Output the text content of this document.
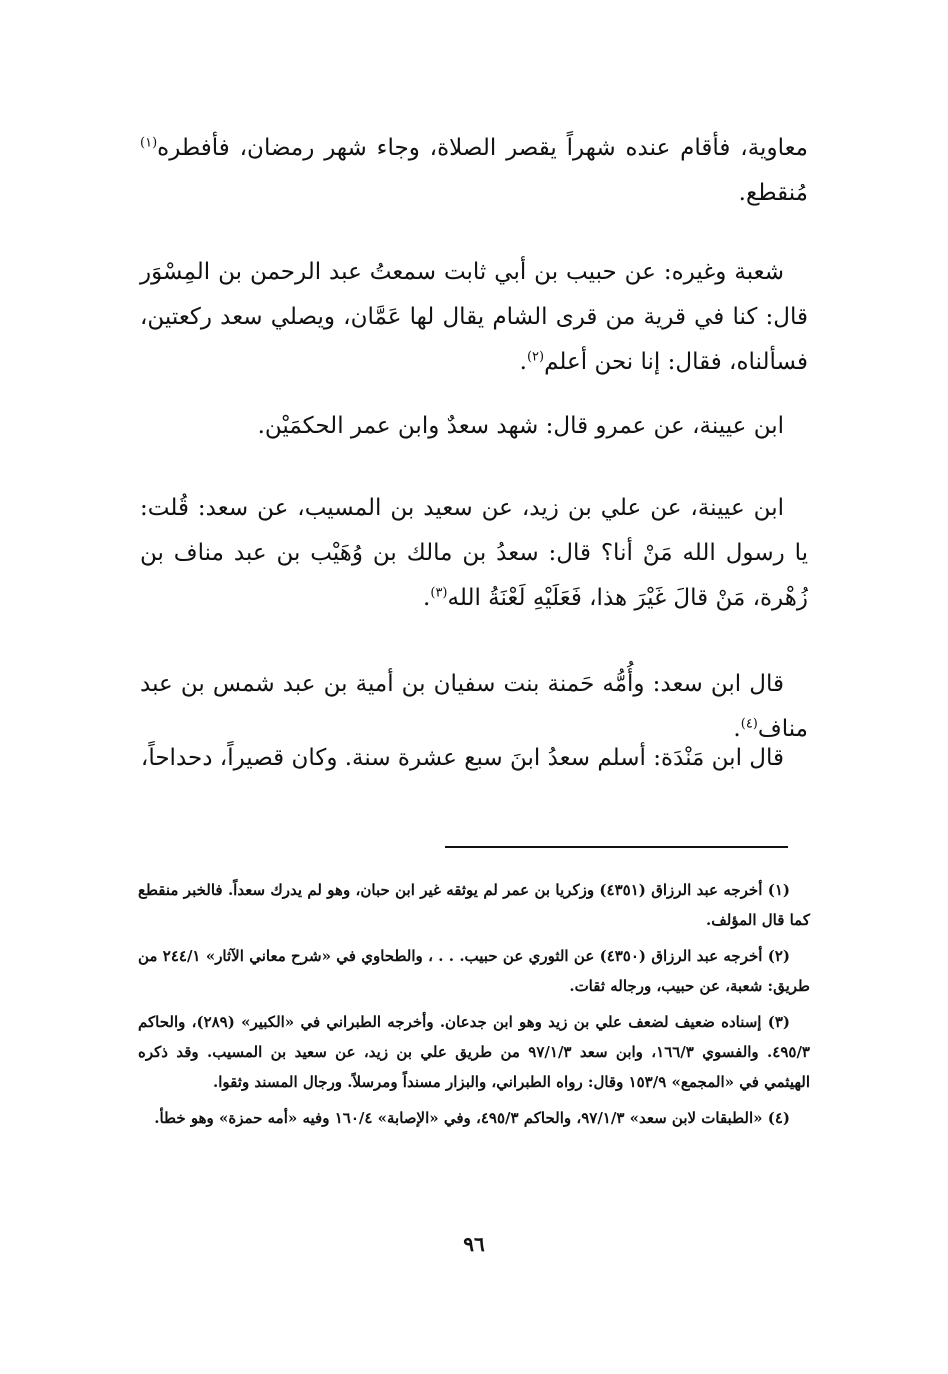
معاوية، فأقام عنده شهراً يقصر الصلاة، وجاء شهر رمضان، فأفطره$^{(١)}$ مُنقطع.

شعبة وغيره: عن حبيب بن أبي ثابت سمعتُ عبد الرحمن بن المِسْوَر قال: كنا في قرية من قرى الشام يقال لها عَمَّان، ويصلي سعد ركعتين، فسألناه، فقال: إنا نحن أعلم$^{(٢)}$.

ابن عيينة، عن عمرو قال: شهد سعدٌ وابن عمر الحكمَيْن.

ابن عيينة، عن علي بن زيد، عن سعيد بن المسيب، عن سعد: قُلت: يا رسول الله مَنْ أنا؟ قال: سعدُ بن مالك بن وُهَيْب بن عبد مناف بن زُهْرة، مَنْ قالَ غَيْرَ هذا، فَعَلَيْهِ لَعْنَةُ الله$^{(٣)}$.

قال ابن سعد: وأُمُّه حَمنة بنت سفيان بن أمية بن عبد شمس بن عبد مناف$^{(٤)}$.

قال ابن مَنْدَة: أسلم سعدُ ابنَ سبع عشرة سنة. وكان قصيراً، دحداحاً،

(١) أخرجه عبد الرزاق (٤٣٥١) وزكريا بن عمر لم يوثقه غير ابن حبان، وهو لم يدرك سعداً. فالخبر منقطع كما قال المؤلف.

(٢) أخرجه عبد الرزاق (٤٣٥٠) عن الثوري عن حبيب. . . ، والطحاوي في «شرح معاني الآثار» ٢٤٤/١ من طريق: شعبة، عن حبيب، ورجاله ثقات.

(٣) إسناده ضعيف لضعف علي بن زيد وهو ابن جدعان. وأخرجه الطبراني في «الكبير» (٢٨٩)، والحاكم ٤٩٥/٣. والفسوي ١٦٦/٣، وابن سعد ٩٧/١/٣ من طريق علي بن زيد، عن سعيد بن المسيب. وقد ذكره الهيثمي في «المجمع» ١٥٣/٩ وقال: رواه الطبراني، والبزار مسنداً ومرسلاً. ورجال المسند وثقوا.

(٤) «الطبقات لابن سعد» ٩٧/١/٣، والحاكم ٤٩٥/٣، وفي «الإصابة» ١٦٠/٤ وفيه «أمه حمزة» وهو خطأ.

٩٦
